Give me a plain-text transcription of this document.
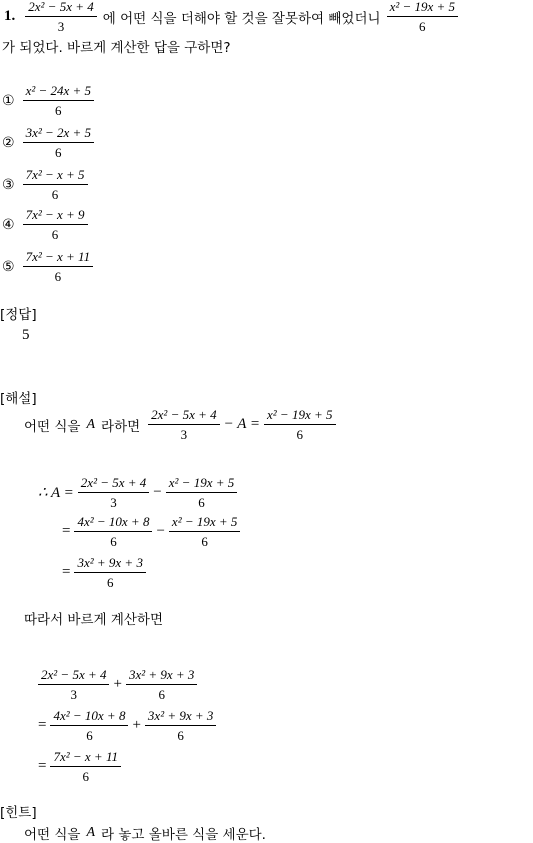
1. $\frac{\text{2x² − 5x + 4}}{3}$ 에 어떤 식을 더해야 할 것을 잘못하여 빼었더니 $\frac{\text{x² − 19x + 5}}{6}$
가 되었다. 바르게 계산한 답을 구하면?
① $\frac{\text{x² − 24x + 5}}{6}$
② $\frac{\text{3x² − 2x + 5}}{6}$
③ $\frac{\text{7x² − x + 5}}{6}$
④ $\frac{\text{7x² − x + 9}}{6}$
⑤ $\frac{\text{7x² − x + 11}}{6}$
[정답]
5
[해설]
어떤 식을 A 라하면 $\frac{\text{2x² − 5x + 4}}{3} - A = \frac{\text{x² − 19x + 5}}{6}$
∴ $A = \frac{\text{2x² − 5x + 4}}{3} - \frac{\text{x² − 19x + 5}}{6}$
= $\frac{\text{4x² − 10x + 8}}{6} - \frac{\text{x² − 19x + 5}}{6}$
= $\frac{\text{3x² + 9x + 3}}{6}$
따라서 바르게 계산하면
$\frac{\text{2x² − 5x + 4}}{3} + \frac{\text{3x² + 9x + 3}}{6}$
= $\frac{\text{4x² − 10x + 8}}{6} + \frac{\text{3x² + 9x + 3}}{6}$
= $\frac{\text{7x² − x + 11}}{6}$
[힌트]
어떤 식을 A 라 놓고 올바른 식을 세운다.
